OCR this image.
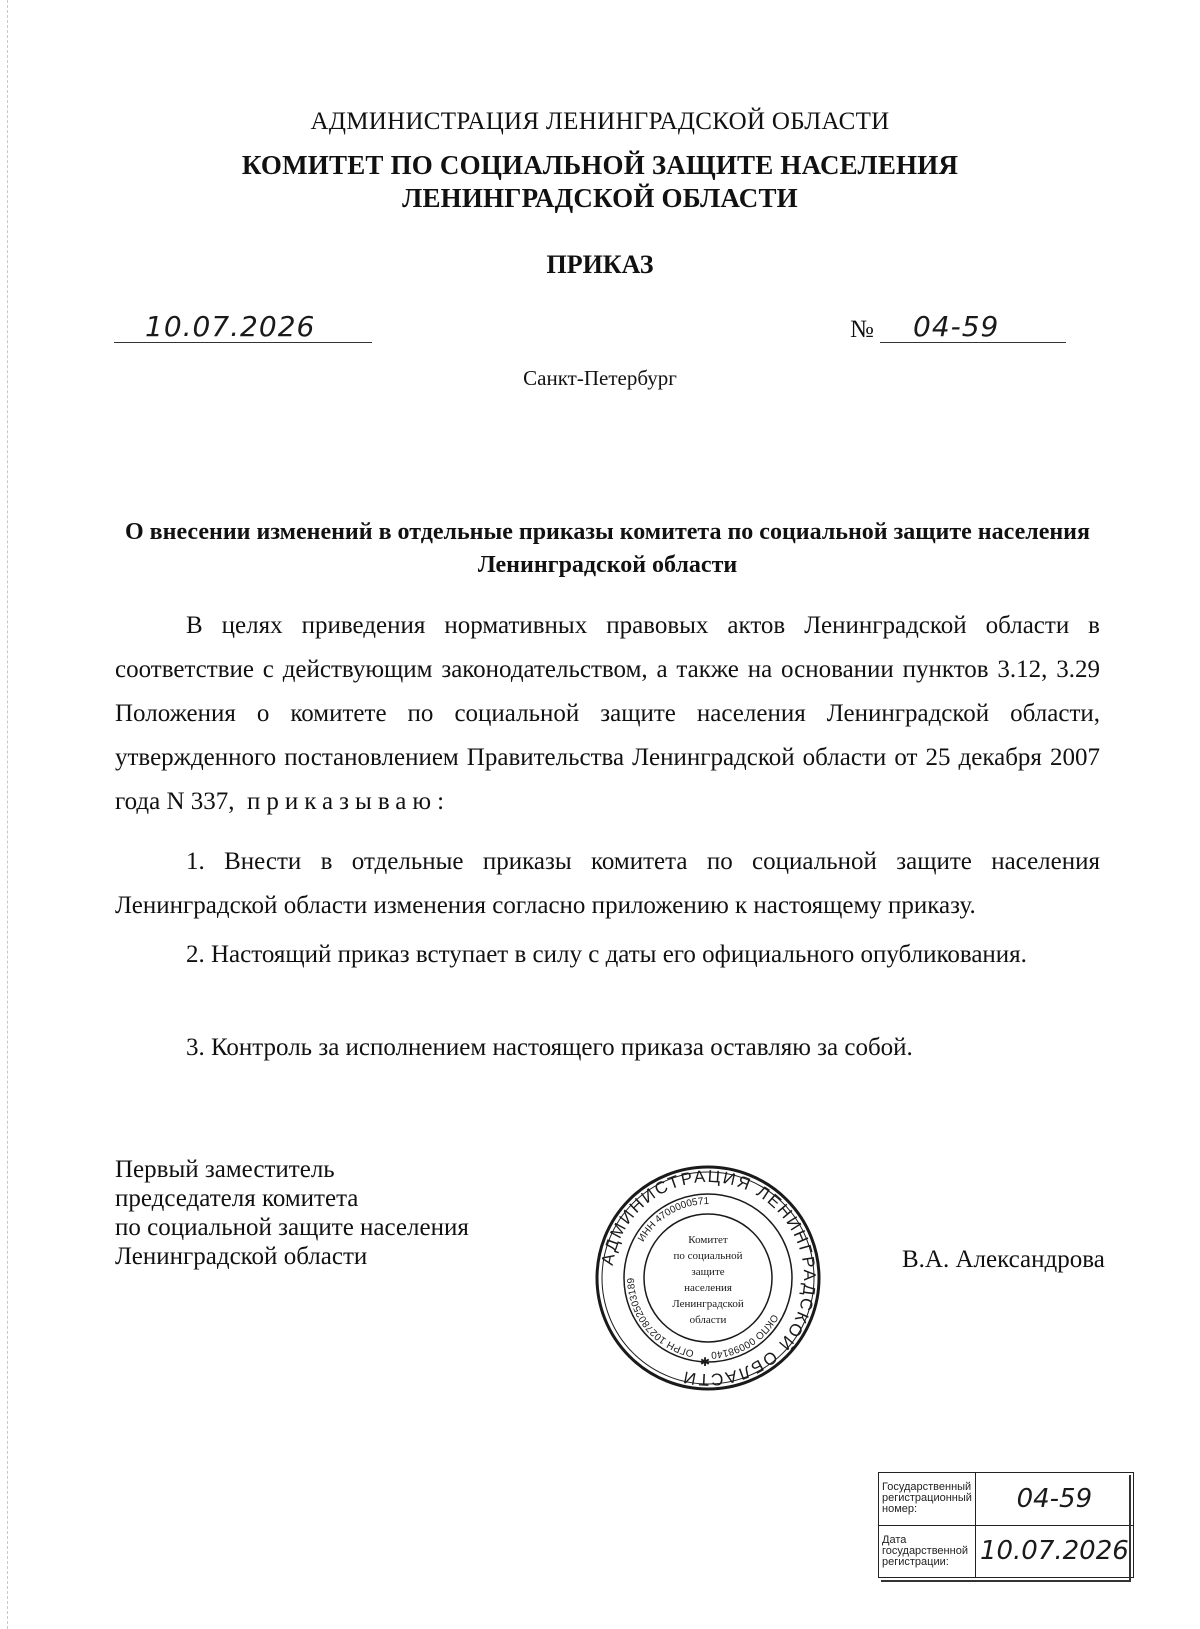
АДМИНИСТРАЦИЯ ЛЕНИНГРАДСКОЙ ОБЛАСТИ
КОМИТЕТ ПО СОЦИАЛЬНОЙ ЗАЩИТЕ НАСЕЛЕНИЯ
ЛЕНИНГРАДСКОЙ ОБЛАСТИ
ПРИКАЗ
10.07.2026	№ 04-59
Санкт-Петербург
О внесении изменений в отдельные приказы комитета по социальной защите населения Ленинградской области

В целях приведения нормативных правовых актов Ленинградской области в соответствие с действующим законодательством, а также на основании пунктов 3.12, 3.29 Положения о комитете по социальной защите населения Ленинградской области, утвержденного постановлением Правительства Ленинградской области от 25 декабря 2007 года N 337, приказываю:

1. Внести в отдельные приказы комитета по социальной защите населения Ленинградской области изменения согласно приложению к настоящему приказу.

2. Настоящий приказ вступает в силу с даты его официального опубликования.

3. Контроль за исполнением настоящего приказа оставляю за собой.

Первый заместитель
председателя комитета
по социальной защите населения
Ленинградской области	АДМИНИСТРАЦИЯ ЛЕНИНГРАДСКОЙ ОБЛАСТИ
ОКПО 00098140
ОГРН 1027802503189
ИНН 4700000571
Комитет
по социальной
защите
населения
Ленинградской
области
✱
В.А. Александрова
Государственный
регистрационный
номер:	04-59

Дата
государственной
регистрации:	10.07.2026
